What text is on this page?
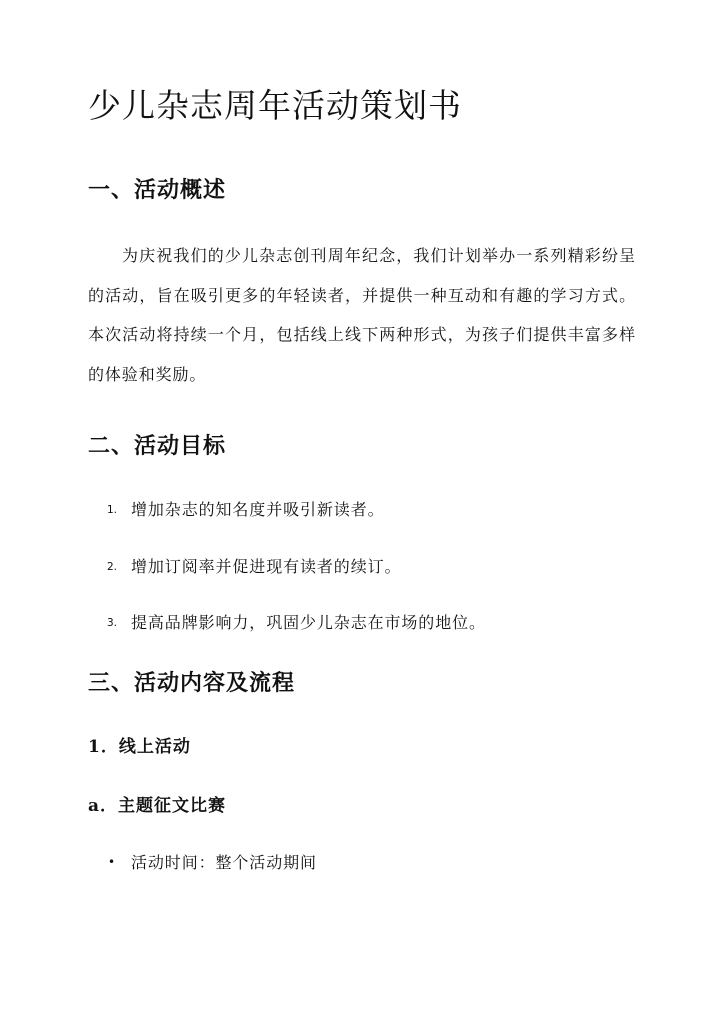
少儿杂志周年活动策划书
一、活动概述

为庆祝我们的少儿杂志创刊周年纪念，我们计划举办一系列精彩纷呈的活动，旨在吸引更多的年轻读者，并提供一种互动和有趣的学习方式。本次活动将持续一个月，包括线上线下两种形式，为孩子们提供丰富多样的体验和奖励。

二、活动目标
1. 增加杂志的知名度并吸引新读者。
2. 增加订阅率并促进现有读者的续订。
3. 提高品牌影响力，巩固少儿杂志在市场的地位。
三、活动内容及流程
1．线上活动
a．主题征文比赛
• 活动时间：整个活动期间
